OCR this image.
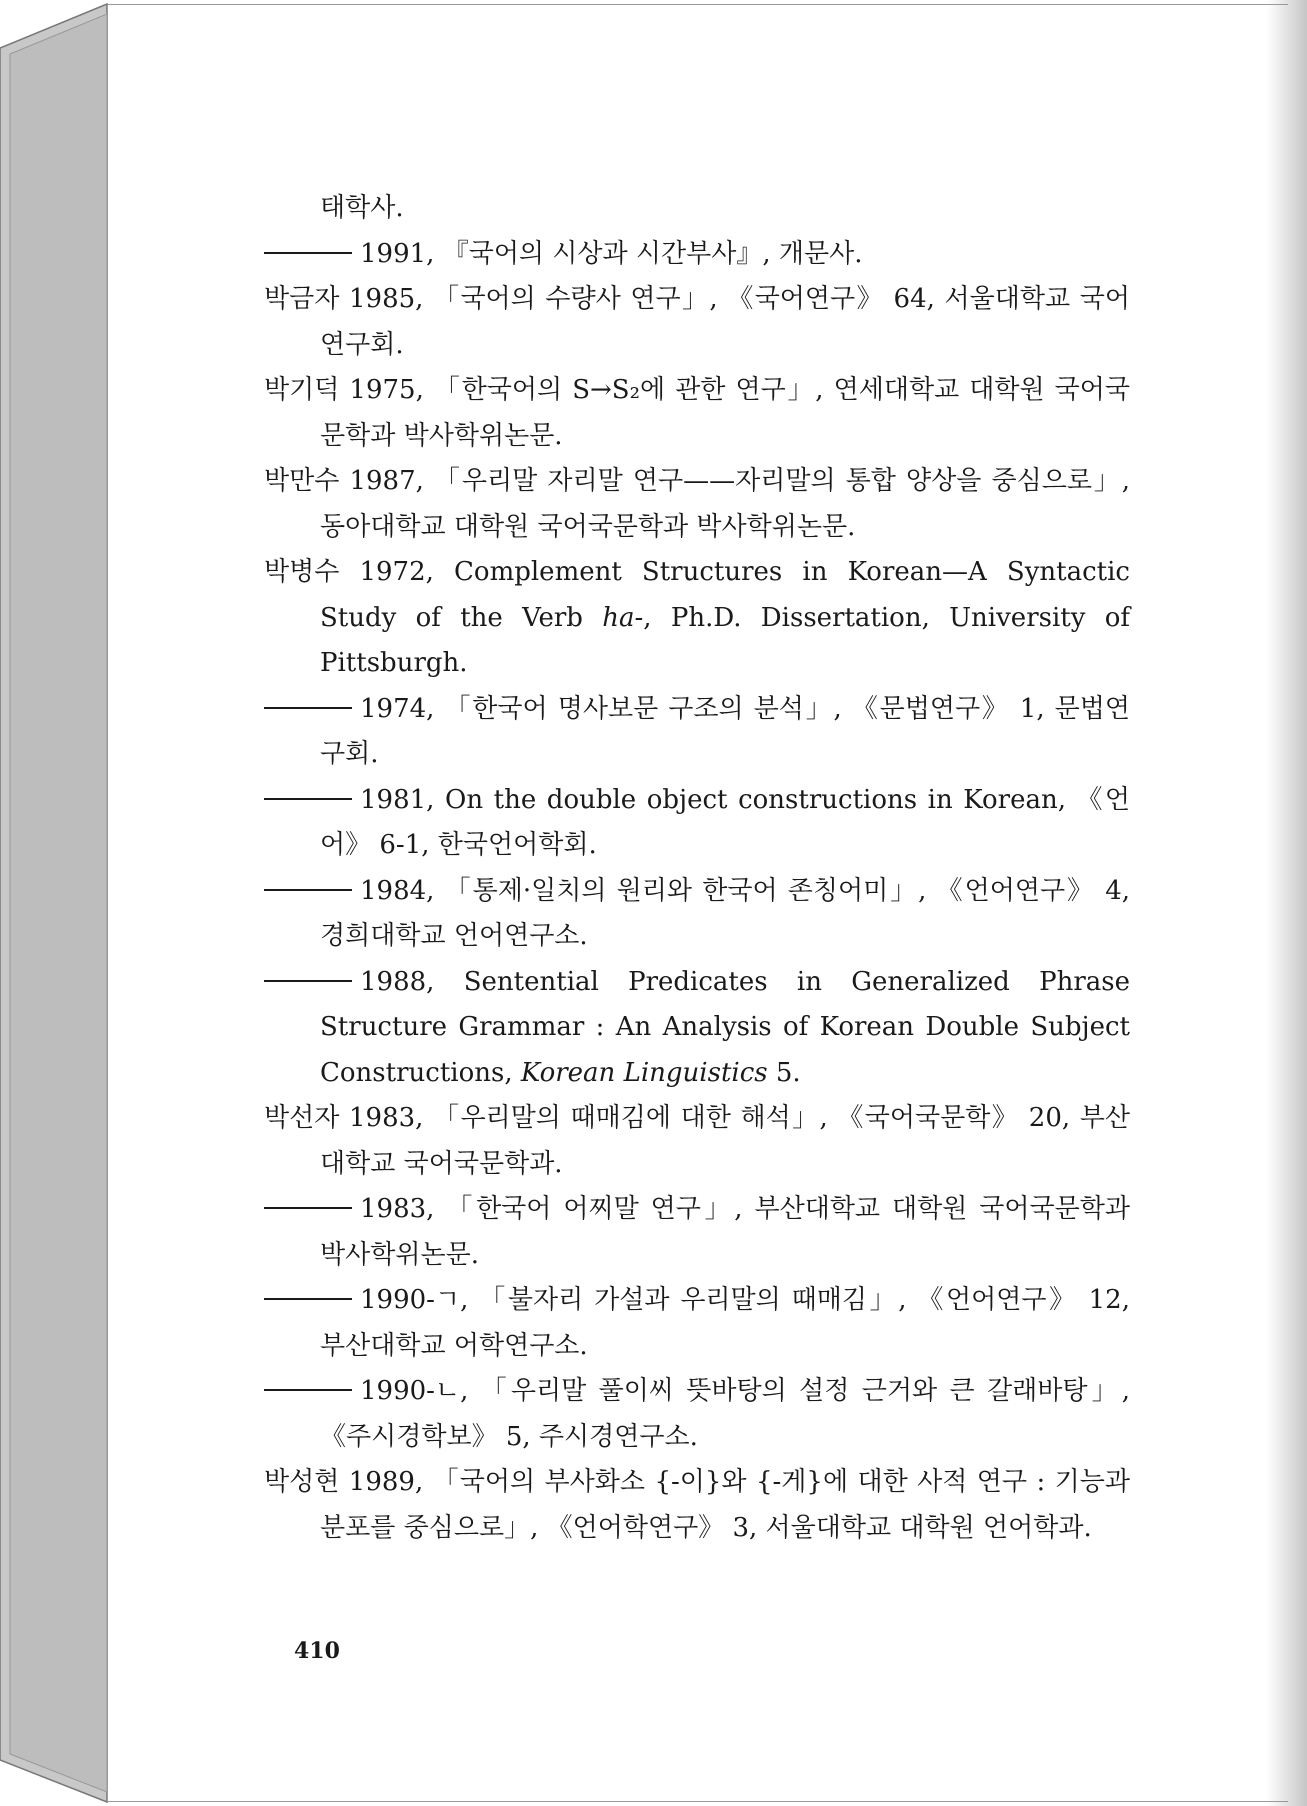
태학사.

1991, 『국어의 시상과 시간부사』, 개문사.

박금자 1985, 「국어의 수량사 연구」, 《국어연구》 64, 서울대학교 국어연구회.

박기덕 1975, 「한국어의 S→S₂에 관한 연구」, 연세대학교 대학원 국어국문학과 박사학위논문.

박만수 1987, 「우리말 자리말 연구——자리말의 통합 양상을 중심으로」, 동아대학교 대학원 국어국문학과 박사학위논문.

박병수 1972, Complement Structures in Korean—A Syntactic Study of the Verb ha-, Ph.D. Dissertation, University of Pittsburgh.

1974, 「한국어 명사보문 구조의 분석」, 《문법연구》 1, 문법연구회.

1981, On the double object constructions in Korean, 《언어》 6-1, 한국언어학회.

1984, 「통제·일치의 원리와 한국어 존칭어미」, 《언어연구》 4, 경희대학교 언어연구소.

1988, Sentential Predicates in Generalized Phrase Structure Grammar : An Analysis of Korean Double Subject Constructions, Korean Linguistics 5.

박선자 1983, 「우리말의 때매김에 대한 해석」, 《국어국문학》 20, 부산대학교 국어국문학과.

1983, 「한국어 어찌말 연구」, 부산대학교 대학원 국어국문학과 박사학위논문.

1990-ㄱ, 「불자리 가설과 우리말의 때매김」, 《언어연구》 12, 부산대학교 어학연구소.

1990-ㄴ, 「우리말 풀이씨 뜻바탕의 설정 근거와 큰 갈래바탕」, 《주시경학보》 5, 주시경연구소.

박성현 1989, 「국어의 부사화소 {-이}와 {-게}에 대한 사적 연구 : 기능과 분포를 중심으로」, 《언어학연구》 3, 서울대학교 대학원 언어학과.

410
